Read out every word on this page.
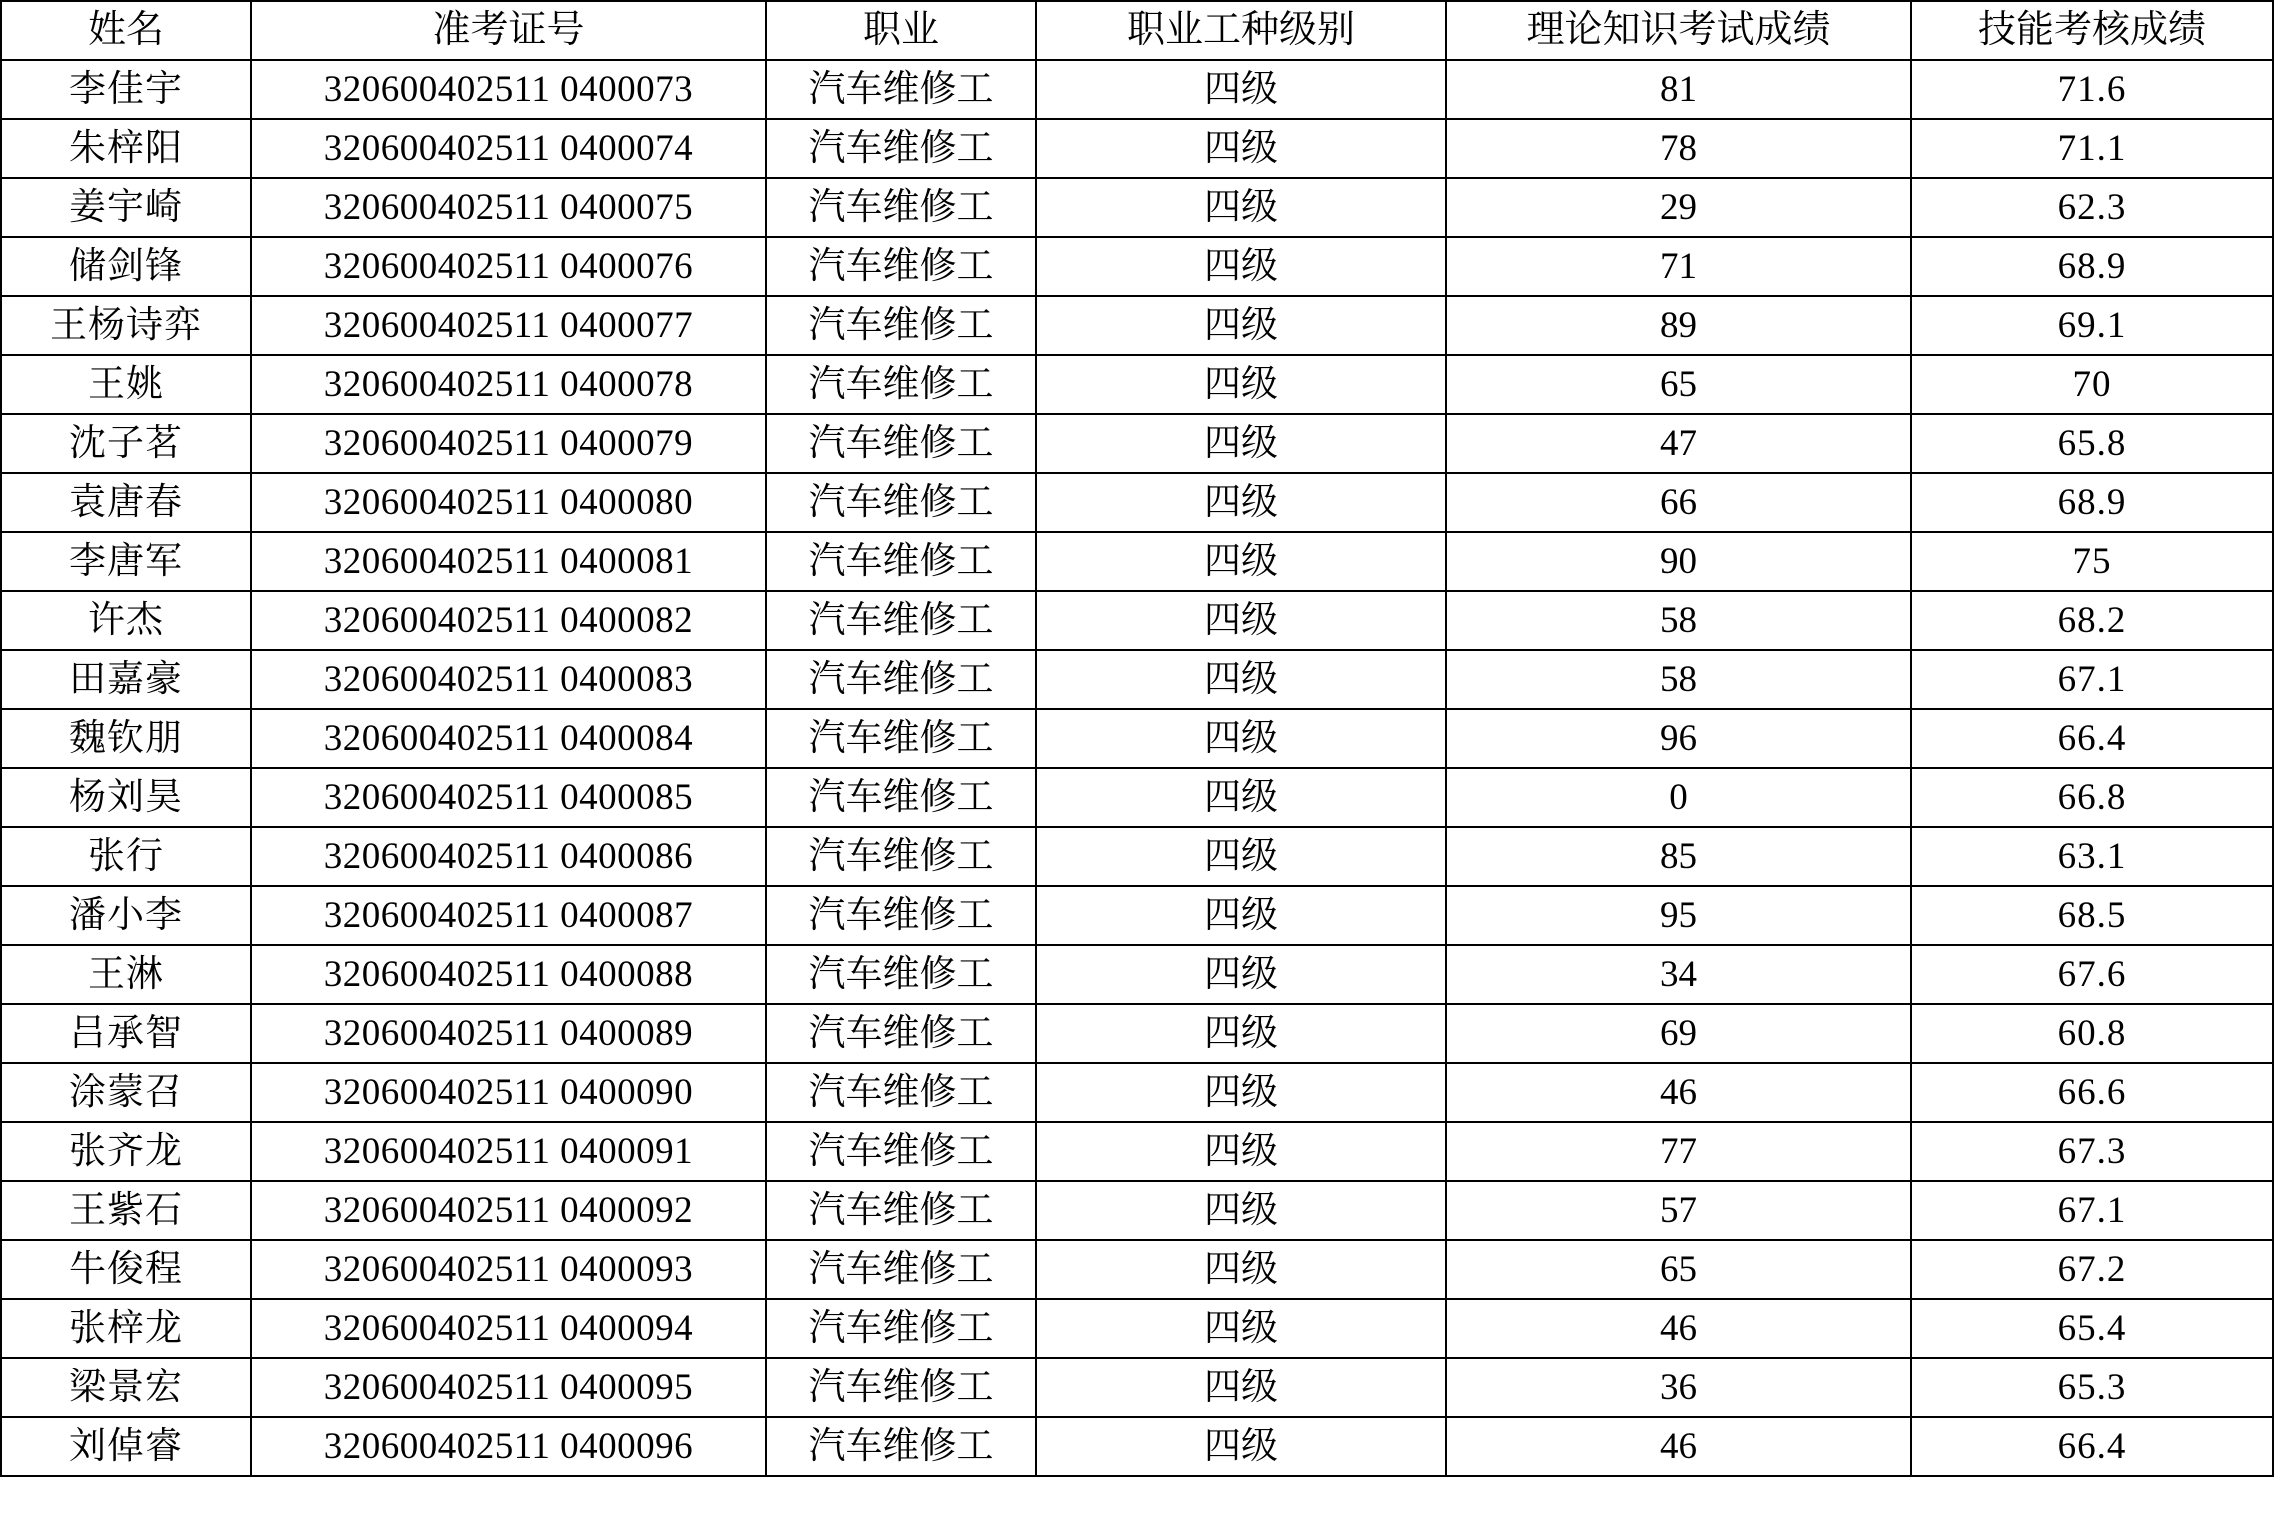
姓名	准考证号	职业	职业工种级别	理论知识考试成绩	技能考核成绩
李佳宇	320600402511 0400073	汽车维修工	四级	81	71.6
朱梓阳	320600402511 0400074	汽车维修工	四级	78	71.1
姜宇崎	320600402511 0400075	汽车维修工	四级	29	62.3
储剑锋	320600402511 0400076	汽车维修工	四级	71	68.9
王杨诗弈	320600402511 0400077	汽车维修工	四级	89	69.1
王姚	320600402511 0400078	汽车维修工	四级	65	70
沈子茗	320600402511 0400079	汽车维修工	四级	47	65.8
袁唐春	320600402511 0400080	汽车维修工	四级	66	68.9
李唐军	320600402511 0400081	汽车维修工	四级	90	75
许杰	320600402511 0400082	汽车维修工	四级	58	68.2
田嘉豪	320600402511 0400083	汽车维修工	四级	58	67.1
魏钦朋	320600402511 0400084	汽车维修工	四级	96	66.4
杨刘昊	320600402511 0400085	汽车维修工	四级	0	66.8
张行	320600402511 0400086	汽车维修工	四级	85	63.1
潘小李	320600402511 0400087	汽车维修工	四级	95	68.5
王淋	320600402511 0400088	汽车维修工	四级	34	67.6
吕承智	320600402511 0400089	汽车维修工	四级	69	60.8
涂蒙召	320600402511 0400090	汽车维修工	四级	46	66.6
张齐龙	320600402511 0400091	汽车维修工	四级	77	67.3
王紫石	320600402511 0400092	汽车维修工	四级	57	67.1
牛俊程	320600402511 0400093	汽车维修工	四级	65	67.2
张梓龙	320600402511 0400094	汽车维修工	四级	46	65.4
梁景宏	320600402511 0400095	汽车维修工	四级	36	65.3
刘倬睿	320600402511 0400096	汽车维修工	四级	46	66.4
